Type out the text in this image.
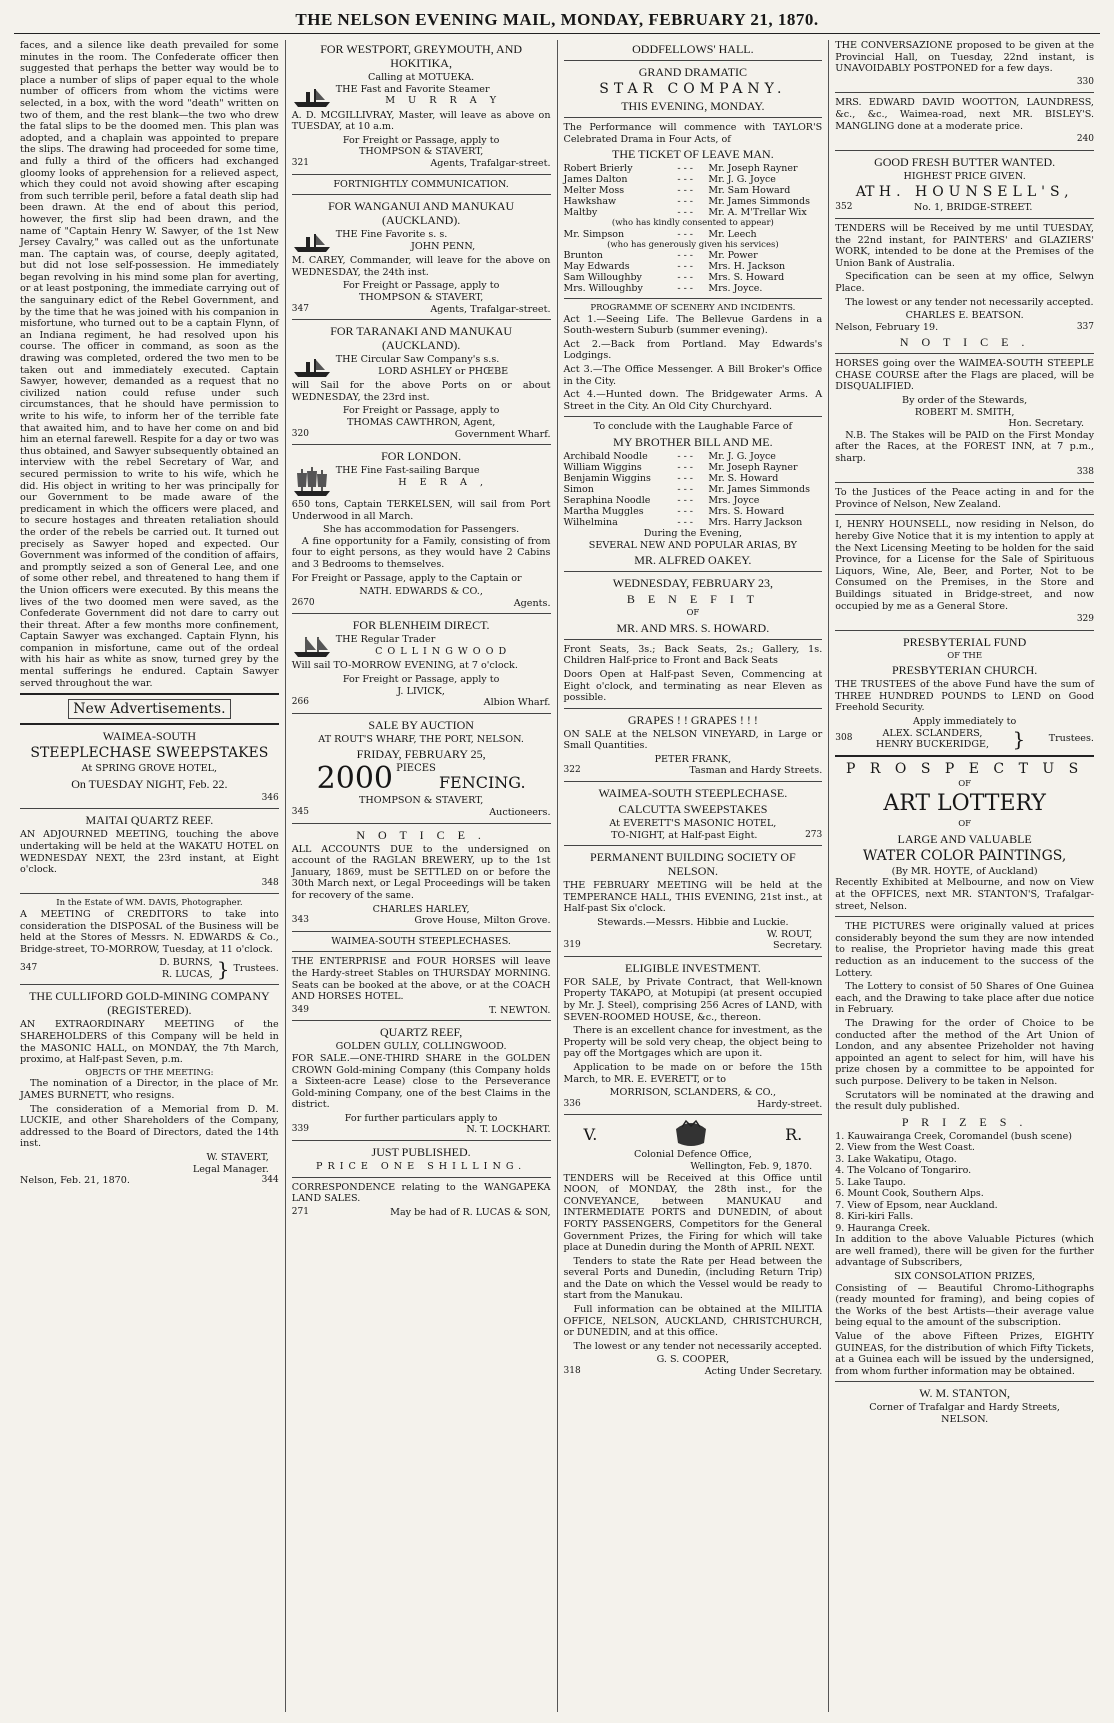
THE NELSON EVENING MAIL, MONDAY, FEBRUARY 21, 1870.

faces, and a silence like death prevailed for some minutes in the room. The Confederate officer then suggested that perhaps the better way would be to place a number of slips of paper equal to the whole number of officers from whom the victims were selected, in a box, with the word "death" written on two of them, and the rest blank—the two who drew the fatal slips to be the doomed men. This plan was adopted, and a chaplain was appointed to prepare the slips. The drawing had proceeded for some time, and fully a third of the officers had exchanged gloomy looks of apprehension for a relieved aspect, which they could not avoid showing after escaping from such terrible peril, before a fatal death slip had been drawn. At the end of about this period, however, the first slip had been drawn, and the name of "Captain Henry W. Sawyer, of the 1st New Jersey Cavalry," was called out as the unfortunate man. The captain was, of course, deeply agitated, but did not lose self-possession. He immediately began revolving in his mind some plan for averting, or at least postponing, the immediate carrying out of the sanguinary edict of the Rebel Government, and by the time that he was joined with his companion in misfortune, who turned out to be a captain Flynn, of an Indiana regiment, he had resolved upon his course. The officer in command, as soon as the drawing was completed, ordered the two men to be taken out and immediately executed. Captain Sawyer, however, demanded as a request that no civilized nation could refuse under such circumstances, that he should have permission to write to his wife, to inform her of the terrible fate that awaited him, and to have her come on and bid him an eternal farewell. Respite for a day or two was thus obtained, and Sawyer subsequently obtained an interview with the rebel Secretary of War, and secured permission to write to his wife, which he did. His object in writing to her was principally for our Government to be made aware of the predicament in which the officers were placed, and to secure hostages and threaten retaliation should the order of the rebels be carried out. It turned out precisely as Sawyer hoped and expected. Our Government was informed of the condition of affairs, and promptly seized a son of General Lee, and one of some other rebel, and threatened to hang them if the Union officers were executed. By this means the lives of the two doomed men were saved, as the Confederate Government did not dare to carry out their threat. After a few months more confinement, Captain Sawyer was exchanged. Captain Flynn, his companion in misfortune, came out of the ordeal with his hair as white as snow, turned grey by the mental sufferings he endured. Captain Sawyer served throughout the war.

New Advertisements.
WAIMEA-SOUTH
STEEPLECHASE SWEEPSTAKES
At SPRING GROVE HOTEL,
On TUESDAY NIGHT, Feb. 22.
346
MAITAI QUARTZ REEF.

AN ADJOURNED MEETING, touching the above undertaking will be held at the WAKATU HOTEL on WEDNESDAY NEXT, the 23rd instant, at Eight o'clock.

348
In the Estate of WM. DAVIS, Photographer.

A MEETING of CREDITORS to take into consideration the DISPOSAL of the Business will be held at the Stores of Messrs. N. EDWARDS & Co., Bridge-street, TO-MORROW, Tuesday, at 11 o'clock.

347	D. BURNS,
R. LUCAS, } Trustees.
THE CULLIFORD GOLD-MINING COMPANY (REGISTERED).

AN EXTRAORDINARY MEETING of the SHAREHOLDERS of this Company will be held in the MASONIC HALL, on MONDAY, the 7th March, proximo, at Half-past Seven, p.m.

OBJECTS OF THE MEETING:

The nomination of a Director, in the place of Mr. JAMES BURNETT, who resigns.

The consideration of a Memorial from D. M. LUCKIE, and other Shareholders of the Company, addressed to the Board of Directors, dated the 14th inst.

W. STAVERT,
Legal Manager.
Nelson, Feb. 21, 1870.	344
FOR WESTPORT, GREYMOUTH, AND HOKITIKA,
Calling at MOTUEKA.
THE Fast and Favorite Steamer
M U R R A Y

A. D. MCGILLIVRAY, Master, will leave as above on TUESDAY, at 10 a.m.

For Freight or Passage, apply to
THOMPSON & STAVERT,
321	Agents, Trafalgar-street.
FORTNIGHTLY COMMUNICATION.
FOR WANGANUI AND MANUKAU (AUCKLAND).
THE Fine Favorite s. s.
JOHN PENN,

M. CAREY, Commander, will leave for the above on WEDNESDAY, the 24th inst.

For Freight or Passage, apply to
THOMPSON & STAVERT,
347	Agents, Trafalgar-street.
FOR TARANAKI AND MANUKAU (AUCKLAND).
THE Circular Saw Company's s.s.
LORD ASHLEY or PHŒBE

will Sail for the above Ports on or about WEDNESDAY, the 23rd inst.

For Freight or Passage, apply to
THOMAS CAWTHRON, Agent,
320	Government Wharf.
FOR LONDON.
THE Fine Fast-sailing Barque
H E R A ,

650 tons, Captain TERKELSEN, will sail from Port Underwood in all March.

She has accommodation for Passengers.

A fine opportunity for a Family, consisting of from four to eight persons, as they would have 2 Cabins and 3 Bedrooms to themselves.

For Freight or Passage, apply to the Captain or

NATH. EDWARDS & CO.,
2670	Agents.
FOR BLENHEIM DIRECT.
THE Regular Trader
COLLINGWOOD

Will sail TO-MORROW EVENING, at 7 o'clock.

For Freight or Passage, apply to
J. LIVICK,
266	Albion Wharf.
SALE BY AUCTION
AT ROUT'S WHARF, THE PORT, NELSON.
FRIDAY, FEBRUARY 25,
2000 PIECES FENCING.
THOMPSON & STAVERT,
345	Auctioneers.
N O T I C E .

ALL ACCOUNTS DUE to the undersigned on account of the RAGLAN BREWERY, up to the 1st January, 1869, must be SETTLED on or before the 30th March next, or Legal Proceedings will be taken for recovery of the same.

CHARLES HARLEY,
343	Grove House, Milton Grove.
WAIMEA-SOUTH STEEPLECHASES.

THE ENTERPRISE and FOUR HORSES will leave the Hardy-street Stables on THURSDAY MORNING. Seats can be booked at the above, or at the COACH AND HORSES HOTEL.

349	T. NEWTON.
QUARTZ REEF,
GOLDEN GULLY, COLLINGWOOD.

FOR SALE.—ONE-THIRD SHARE in the GOLDEN CROWN Gold-mining Company (this Company holds a Sixteen-acre Lease) close to the Perseverance Gold-mining Company, one of the best Claims in the district.

For further particulars apply to
339	N. T. LOCKHART.
JUST PUBLISHED.
PRICE ONE SHILLING.

CORRESPONDENCE relating to the WANGAPEKA LAND SALES.

271	May be had of R. LUCAS & SON,
ODDFELLOWS' HALL.
GRAND DRAMATIC
STAR COMPANY.
THIS EVENING, MONDAY.

The Performance will commence with TAYLOR'S Celebrated Drama in Four Acts, of

THE TICKET OF LEAVE MAN.
Robert Brierly	- - -	Mr. Joseph Rayner
James Dalton	- - -	Mr. J. G. Joyce
Melter Moss	- - -	Mr. Sam Howard
Hawkshaw	- - -	Mr. James Simmonds
Maltby	- - -	Mr. A. M'Trellar Wix
(who has kindly consented to appear)
Mr. Simpson	- - -	Mr. Leech
(who has generously given his services)
Brunton	- - -	Mr. Power
May Edwards	- - -	Mrs. H. Jackson
Sam Willoughby	- - -	Mrs. S. Howard
Mrs. Willoughby	- - -	Mrs. Joyce.
PROGRAMME OF SCENERY AND INCIDENTS.

Act 1.—Seeing Life. The Bellevue Gardens in a South-western Suburb (summer evening).

Act 2.—Back from Portland. May Edwards's Lodgings.

Act 3.—The Office Messenger. A Bill Broker's Office in the City.

Act 4.—Hunted down. The Bridgewater Arms. A Street in the City. An Old City Churchyard.

To conclude with the Laughable Farce of
MY BROTHER BILL AND ME.
Archibald Noodle	- - -	Mr. J. G. Joyce
William Wiggins	- - -	Mr. Joseph Rayner
Benjamin Wiggins	- - -	Mr. S. Howard
Simon	- - -	Mr. James Simmonds
Seraphina Noodle	- - -	Mrs. Joyce
Martha Muggles	- - -	Mrs. S. Howard
Wilhelmina	- - -	Mrs. Harry Jackson
During the Evening,
SEVERAL NEW AND POPULAR ARIAS, BY
MR. ALFRED OAKEY.
WEDNESDAY, FEBRUARY 23,
B E N E F I T
OF
MR. AND MRS. S. HOWARD.

Front Seats, 3s.; Back Seats, 2s.; Gallery, 1s. Children Half-price to Front and Back Seats

Doors Open at Half-past Seven, Commencing at Eight o'clock, and terminating as near Eleven as possible.

GRAPES ! ! GRAPES ! ! !

ON SALE at the NELSON VINEYARD, in Large or Small Quantities.

PETER FRANK,
322	Tasman and Hardy Streets.
WAIMEA-SOUTH STEEPLECHASE.
CALCUTTA SWEEPSTAKES
At EVERETT'S MASONIC HOTEL,
TO-NIGHT, at Half-past Eight.	273
PERMANENT BUILDING SOCIETY OF NELSON.

THE FEBRUARY MEETING will be held at the TEMPERANCE HALL, THIS EVENING, 21st inst., at Half-past Six o'clock.

Stewards.—Messrs. Hibbie and Luckie.
W. ROUT,
319	Secretary.
ELIGIBLE INVESTMENT.

FOR SALE, by Private Contract, that Well-known Property TAKAPO, at Motupipi (at present occupied by Mr. J. Steel), comprising 256 Acres of LAND, with SEVEN-ROOMED HOUSE, &c., thereon.

There is an excellent chance for investment, as the Property will be sold very cheap, the object being to pay off the Mortgages which are upon it.

Application to be made on or before the 15th March, to MR. E. EVERETT, or to

MORRISON, SCLANDERS, & CO.,
336	Hardy-street.
V.	R.
Colonial Defence Office,
Wellington, Feb. 9, 1870.

TENDERS will be Received at this Office until NOON, of MONDAY, the 28th inst., for the CONVEYANCE, between MANUKAU and INTERMEDIATE PORTS and DUNEDIN, of about FORTY PASSENGERS, Competitors for the General Government Prizes, the Firing for which will take place at Dunedin during the Month of APRIL NEXT.

Tenders to state the Rate per Head between the several Ports and Dunedin, (including Return Trip) and the Date on which the Vessel would be ready to start from the Manukau.

Full information can be obtained at the MILITIA OFFICE, NELSON, AUCKLAND, CHRISTCHURCH, or DUNEDIN, and at this office.

The lowest or any tender not necessarily accepted.

G. S. COOPER,
318	Acting Under Secretary.

THE CONVERSAZIONE proposed to be given at the Provincial Hall, on Tuesday, 22nd instant, is UNAVOIDABLY POSTPONED for a few days.

330

MRS. EDWARD DAVID WOOTTON, LAUNDRESS, &c., &c., Waimea-road, next MR. BISLEY'S. MANGLING done at a moderate price.

240
GOOD FRESH BUTTER WANTED.
HIGHEST PRICE GIVEN.
AT H. HOUNSELL'S,
352	No. 1, BRIDGE-STREET.

TENDERS will be Received by me until TUESDAY, the 22nd instant, for PAINTERS' and GLAZIERS' WORK, intended to be done at the Premises of the Union Bank of Australia.

Specification can be seen at my office, Selwyn Place.

The lowest or any tender not necessarily accepted.

CHARLES E. BEATSON.
Nelson, February 19.	337
N O T I C E .

HORSES going over the WAIMEA-SOUTH STEEPLE CHASE COURSE after the Flags are placed, will be DISQUALIFIED.

By order of the Stewards,
ROBERT M. SMITH,
Hon. Secretary.

N.B. The Stakes will be PAID on the First Monday after the Races, at the FOREST INN, at 7 p.m., sharp.

338

To the Justices of the Peace acting in and for the Province of Nelson, New Zealand.

I, HENRY HOUNSELL, now residing in Nelson, do hereby Give Notice that it is my intention to apply at the Next Licensing Meeting to be holden for the said Province, for a License for the Sale of Spirituous Liquors, Wine, Ale, Beer, and Porter, Not to be Consumed on the Premises, in the Store and Buildings situated in Bridge-street, and now occupied by me as a General Store.

329
PRESBYTERIAL FUND
OF THE
PRESBYTERIAN CHURCH.

THE TRUSTEES of the above Fund have the sum of THREE HUNDRED POUNDS to LEND on Good Freehold Security.

Apply immediately to
308	ALEX. SCLANDERS,
HENRY BUCKERIDGE, } Trustees.
P R O S P E C T U S
OF
ART LOTTERY
OF
LARGE AND VALUABLE
WATER COLOR PAINTINGS,
(By MR. HOYTE, of Auckland)

Recently Exhibited at Melbourne, and now on View at the OFFICES, next MR. STANTON'S, Trafalgar-street, Nelson.

THE PICTURES were originally valued at prices considerably beyond the sum they are now intended to realise, the Proprietor having made this great reduction as an inducement to the success of the Lottery.

The Lottery to consist of 50 Shares of One Guinea each, and the Drawing to take place after due notice in February.

The Drawing for the order of Choice to be conducted after the method of the Art Union of London, and any absentee Prizeholder not having appointed an agent to select for him, will have his prize chosen by a committee to be appointed for such purpose. Delivery to be taken in Nelson.

Scrutators will be nominated at the drawing and the result duly published.

P R I Z E S .
1. Kauwairanga Creek, Coromandel (bush scene)
2. View from the West Coast.
3. Lake Wakatipu, Otago.
4. The Volcano of Tongariro.
5. Lake Taupo.
6. Mount Cook, Southern Alps.
7. View of Epsom, near Auckland.
8. Kiri-kiri Falls.
9. Hauranga Creek.

In addition to the above Valuable Pictures (which are well framed), there will be given for the further advantage of Subscribers,

SIX CONSOLATION PRIZES,

Consisting of — Beautiful Chromo-Lithographs (ready mounted for framing), and being copies of the Works of the best Artists—their average value being equal to the amount of the subscription.

Value of the above Fifteen Prizes, EIGHTY GUINEAS, for the distribution of which Fifty Tickets, at a Guinea each will be issued by the undersigned, from whom further information may be obtained.

W. M. STANTON,
Corner of Trafalgar and Hardy Streets,
NELSON.
